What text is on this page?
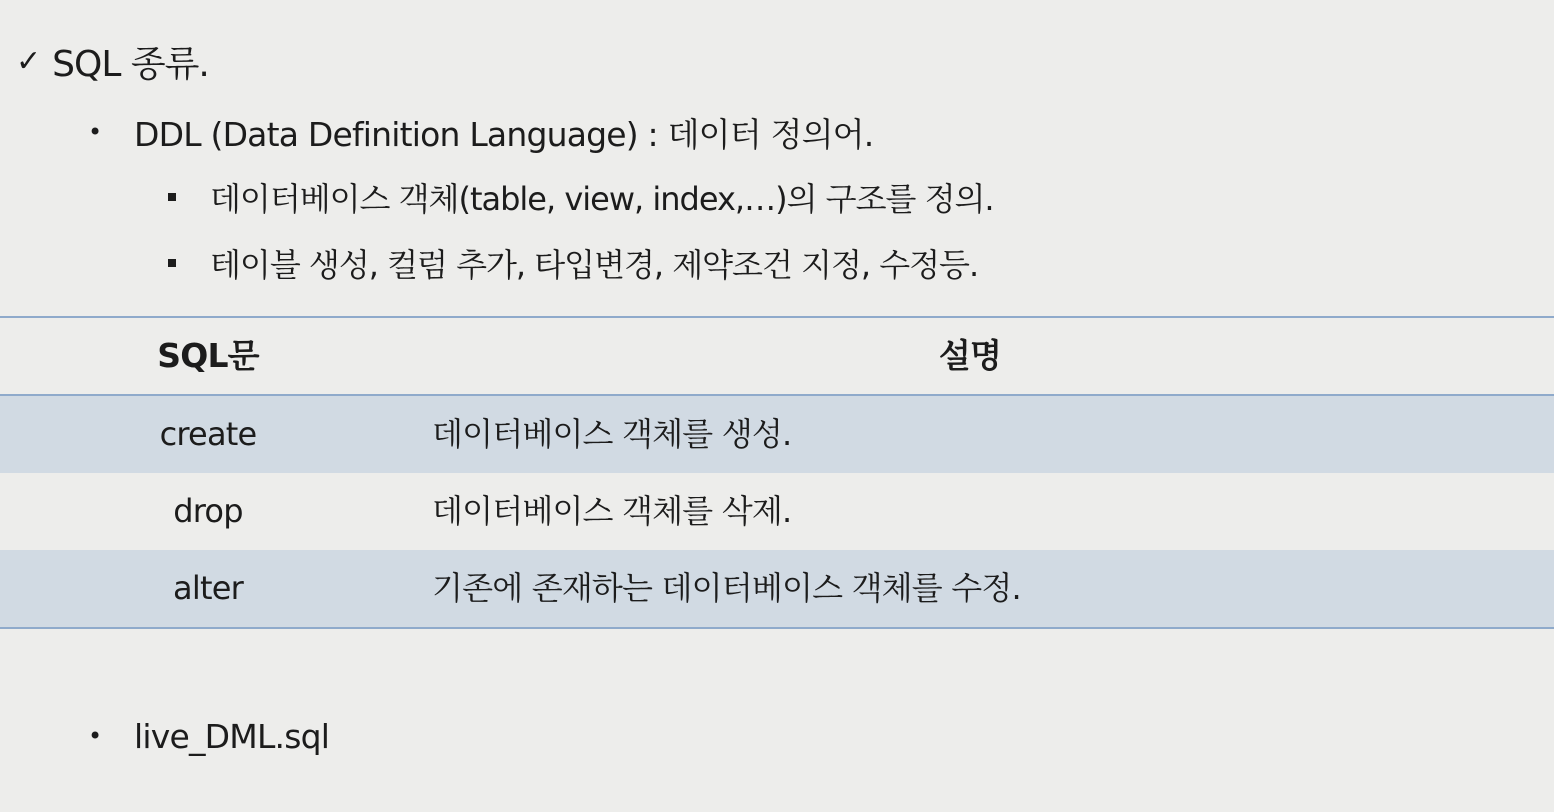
✓ SQL 종류.
• DDL (Data Definition Language) : 데이터 정의어.
데이터베이스 객체(table, view, index,…)의 구조를 정의.
테이블 생성, 컬럼 추가, 타입변경, 제약조건 지정, 수정등.
SQL문	설명
create	데이터베이스 객체를 생성.
drop	데이터베이스 객체를 삭제.
alter	기존에 존재하는 데이터베이스 객체를 수정.
• live_DML.sql
